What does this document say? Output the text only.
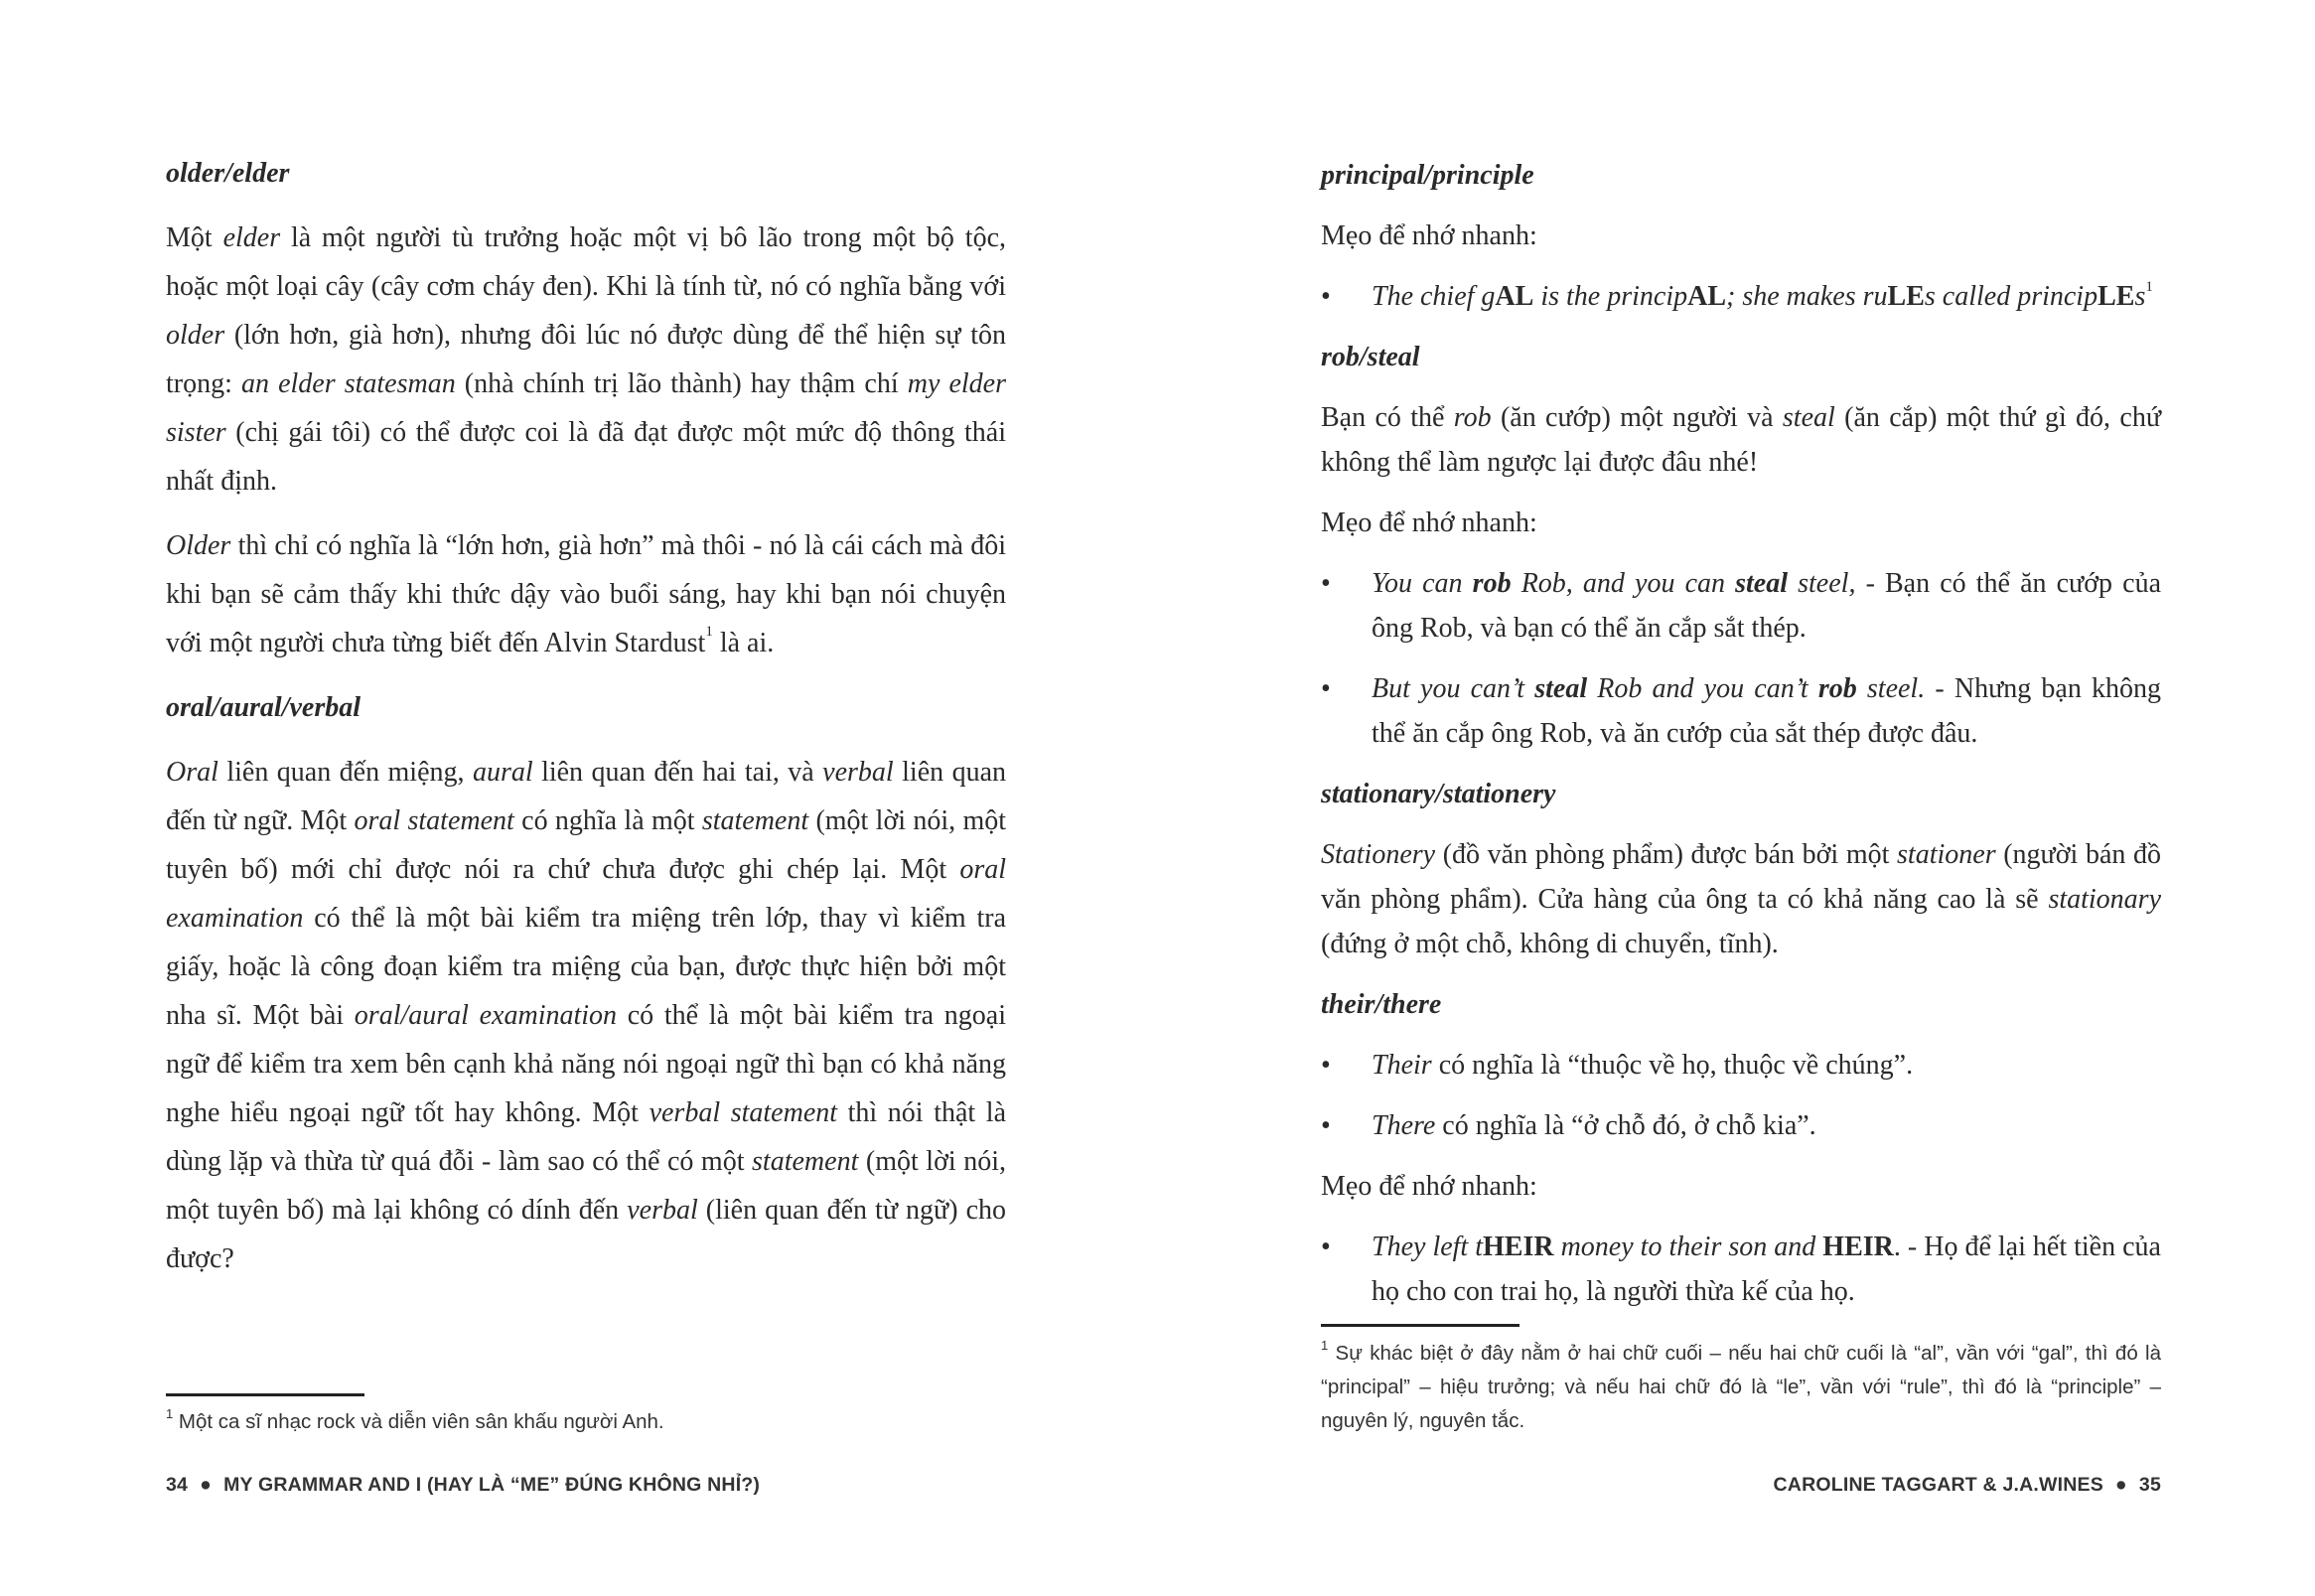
older/elder
Một elder là một người tù trưởng hoặc một vị bô lão trong một bộ tộc, hoặc một loại cây (cây cơm cháy đen). Khi là tính từ, nó có nghĩa bằng với older (lớn hơn, già hơn), nhưng đôi lúc nó được dùng để thể hiện sự tôn trọng: an elder statesman (nhà chính trị lão thành) hay thậm chí my elder sister (chị gái tôi) có thể được coi là đã đạt được một mức độ thông thái nhất định.
Older thì chỉ có nghĩa là “lớn hơn, già hơn” mà thôi - nó là cái cách mà đôi khi bạn sẽ cảm thấy khi thức dậy vào buổi sáng, hay khi bạn nói chuyện với một người chưa từng biết đến Alvin Stardust$^1$ là ai.
oral/aural/verbal
Oral liên quan đến miệng, aural liên quan đến hai tai, và verbal liên quan đến từ ngữ. Một oral statement có nghĩa là một statement (một lời nói, một tuyên bố) mới chỉ được nói ra chứ chưa được ghi chép lại. Một oral examination có thể là một bài kiểm tra miệng trên lớp, thay vì kiểm tra giấy, hoặc là công đoạn kiểm tra miệng của bạn, được thực hiện bởi một nha sĩ. Một bài oral/aural examination có thể là một bài kiểm tra ngoại ngữ để kiểm tra xem bên cạnh khả năng nói ngoại ngữ thì bạn có khả năng nghe hiểu ngoại ngữ tốt hay không. Một verbal statement thì nói thật là dùng lặp và thừa từ quá đỗi - làm sao có thể có một statement (một lời nói, một tuyên bố) mà lại không có dính đến verbal (liên quan đến từ ngữ) cho được?
principal/principle
Mẹo để nhớ nhanh:
• The chief gAL is the principAL; she makes ruLEs called principLEs$^1$
rob/steal
Bạn có thể rob (ăn cướp) một người và steal (ăn cắp) một thứ gì đó, chứ không thể làm ngược lại được đâu nhé!
Mẹo để nhớ nhanh:
• You can rob Rob, and you can steal steel, - Bạn có thể ăn cướp của ông Rob, và bạn có thể ăn cắp sắt thép.
• But you can’t steal Rob and you can’t rob steel. - Nhưng bạn không thể ăn cắp ông Rob, và ăn cướp của sắt thép được đâu.
stationary/stationery
Stationery (đồ văn phòng phẩm) được bán bởi một stationer (người bán đồ văn phòng phẩm). Cửa hàng của ông ta có khả năng cao là sẽ stationary (đứng ở một chỗ, không di chuyển, tĩnh).
their/there
• Their có nghĩa là “thuộc về họ, thuộc về chúng”.
• There có nghĩa là “ở chỗ đó, ở chỗ kia”.
Mẹo để nhớ nhanh:
• They left tHEIR money to their son and HEIR. - Họ để lại hết tiền của họ cho con trai họ, là người thừa kế của họ.
$^1$ Một ca sĩ nhạc rock và diễn viên sân khấu người Anh.
$^1$ Sự khác biệt ở đây nằm ở hai chữ cuối – nếu hai chữ cuối là “al”, vần với “gal”, thì đó là “principal” – hiệu trưởng; và nếu hai chữ đó là “le”, vần với “rule”, thì đó là “principle” – nguyên lý, nguyên tắc.
34 ● MY GRAMMAR AND I (HAY LÀ “ME” ĐÚNG KHÔNG NHỈ?)	CAROLINE TAGGART & J.A.WINES ● 35
